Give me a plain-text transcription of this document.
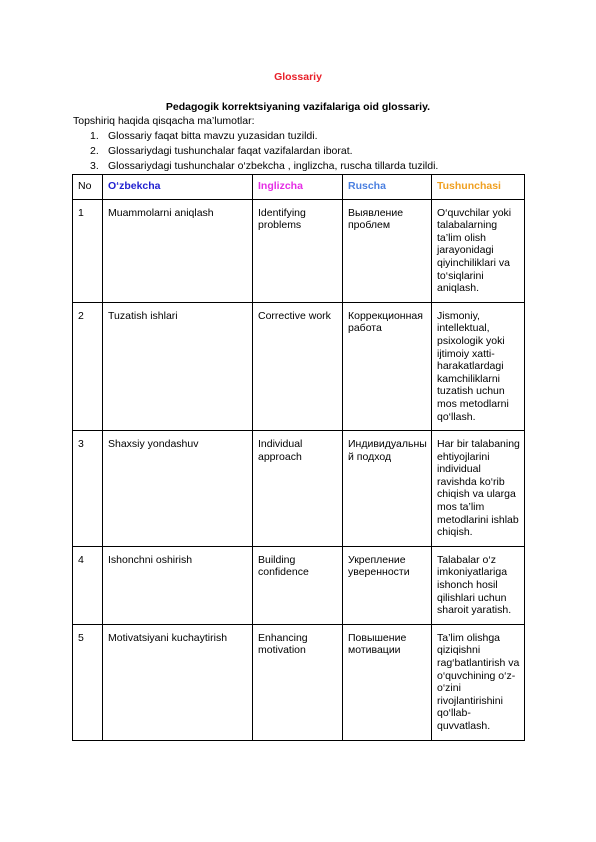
Glossariy
Pedagogik korrektsiyaning vazifalariga oid glossariy.
Topshiriq haqida qisqacha ma’lumotlar:
1. Glossariy faqat bitta mavzu yuzasidan tuzildi.
2. Glossariydagi tushunchalar faqat vazifalardan iborat.
3. Glossariydagi tushunchalar o‘zbekcha , inglizcha, ruscha tillarda tuzildi.
No	O‘zbekcha	Inglizcha	Ruscha	Tushunchasi
1	Muammolarni aniqlash	Identifying problems	Выявление проблем	O‘quvchilar yoki talabalarning ta’lim olish jarayonidagi qiyinchiliklari va to‘siqlarini aniqlash.
2	Tuzatish ishlari	Corrective work	Коррекционная работа	Jismoniy, intellektual, psixologik yoki ijtimoiy xatti-harakatlardagi kamchiliklarni tuzatish uchun mos metodlarni qo‘llash.
3	Shaxsiy yondashuv	Individual approach	Индивидуальный подход	Har bir talabaning ehtiyojlarini individual ravishda ko‘rib chiqish va ularga mos ta’lim metodlarini ishlab chiqish.
4	Ishonchni oshirish	Building confidence	Укрепление уверенности	Talabalar o‘z imkoniyatlariga ishonch hosil qilishlari uchun sharoit yaratish.
5	Motivatsiyani kuchaytirish	Enhancing motivation	Повышение мотивации	Ta’lim olishga qiziqishni rag‘batlantirish va o‘quvchining o‘z-o‘zini rivojlantirishini qo‘llab-quvvatlash.
